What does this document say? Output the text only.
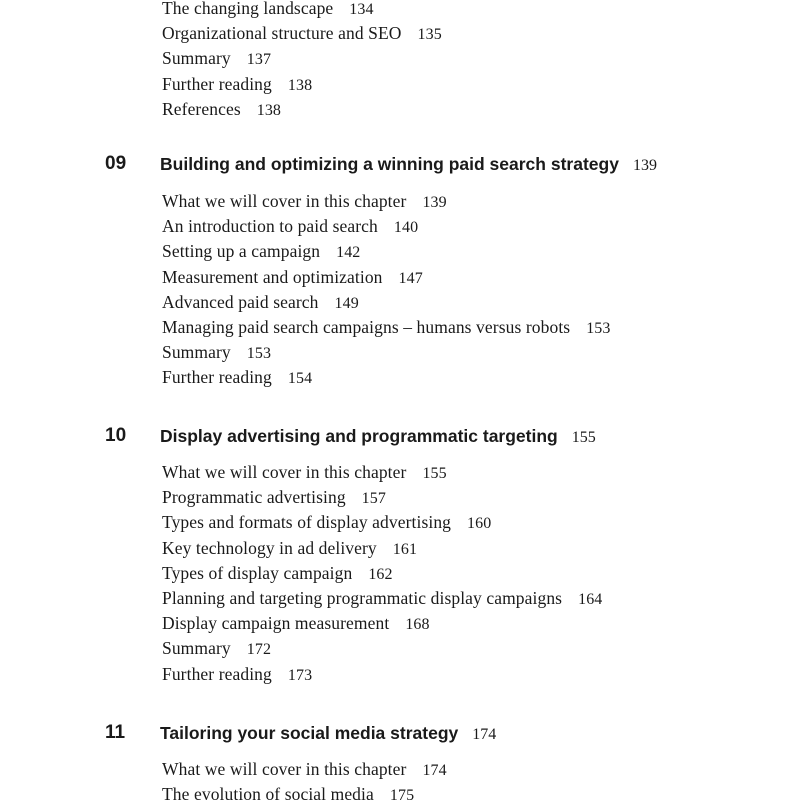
The changing landscape 134
Organizational structure and SEO 135
Summary 137
Further reading 138
References 138
09 Building and optimizing a winning paid search strategy 139
What we will cover in this chapter 139
An introduction to paid search 140
Setting up a campaign 142
Measurement and optimization 147
Advanced paid search 149
Managing paid search campaigns – humans versus robots 153
Summary 153
Further reading 154
10 Display advertising and programmatic targeting 155
What we will cover in this chapter 155
Programmatic advertising 157
Types and formats of display advertising 160
Key technology in ad delivery 161
Types of display campaign 162
Planning and targeting programmatic display campaigns 164
Display campaign measurement 168
Summary 172
Further reading 173
11 Tailoring your social media strategy 174
What we will cover in this chapter 174
The evolution of social media 175
